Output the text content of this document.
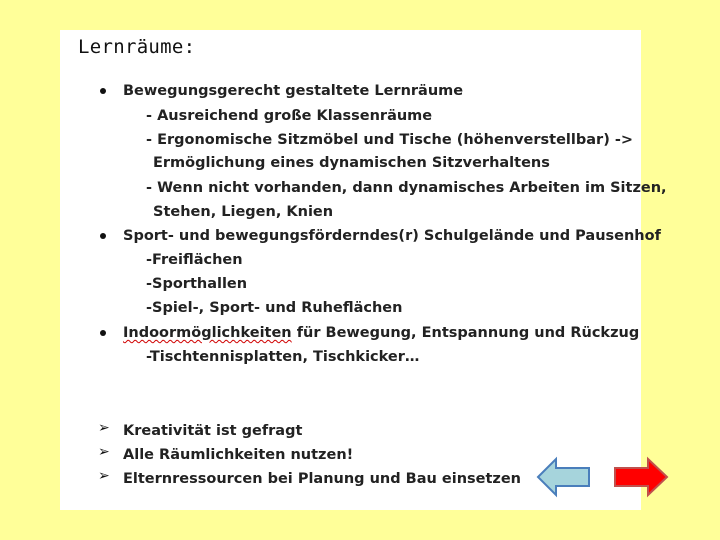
Lernräume:
Bewegungsgerecht gestaltete Lernräume
- Ausreichend große Klassenräume
- Ergonomische Sitzmöbel und Tische (höhenverstellbar) ->
Ermöglichung eines dynamischen Sitzverhaltens
- Wenn nicht vorhanden, dann dynamisches Arbeiten im Sitzen,
Stehen, Liegen, Knien
Sport- und bewegungsförderndes(r) Schulgelände und Pausenhof
-Freiflächen
-Sporthallen
-Spiel-, Sport- und Ruheflächen
Indoormöglichkeiten für Bewegung, Entspannung und Rückzug
-Tischtennisplatten, Tischkicker…
➢ Kreativität ist gefragt
➢ Alle Räumlichkeiten nutzen!
➢ Elternressourcen bei Planung und Bau einsetzen
